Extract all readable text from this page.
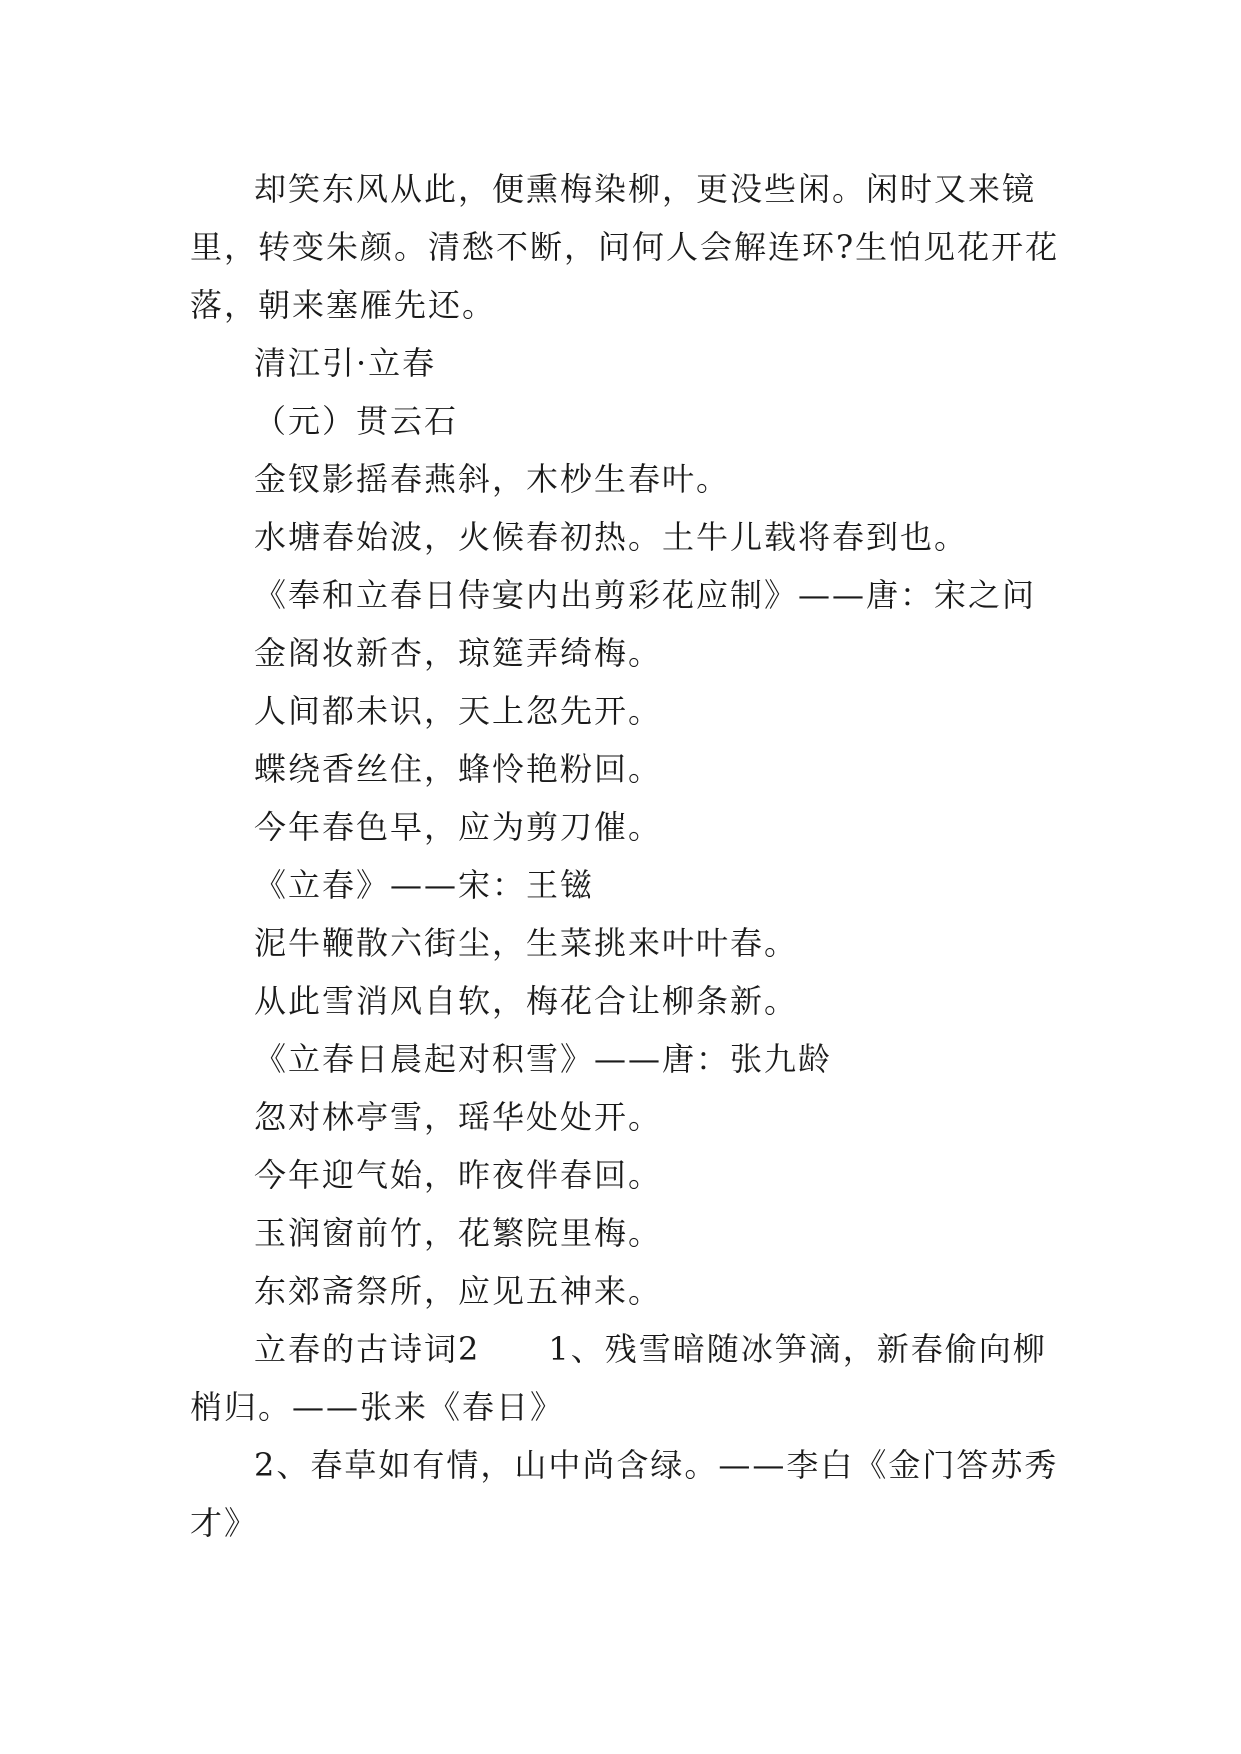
却笑东风从此，便熏梅染柳，更没些闲。闲时又来镜里，转变朱颜。清愁不断，问何人会解连环?生怕见花开花落，朝来塞雁先还。

清江引·立春

（元）贯云石

金钗影摇春燕斜，木杪生春叶。

水塘春始波，火候春初热。土牛儿载将春到也。

《奉和立春日侍宴内出剪彩花应制》——唐：宋之问

金阁妆新杏，琼筵弄绮梅。

人间都未识，天上忽先开。

蝶绕香丝住，蜂怜艳粉回。

今年春色早，应为剪刀催。

《立春》——宋：王镃

泥牛鞭散六街尘，生菜挑来叶叶春。

从此雪消风自软，梅花合让柳条新。

《立春日晨起对积雪》——唐：张九龄

忽对林亭雪，瑶华处处开。

今年迎气始，昨夜伴春回。

玉润窗前竹，花繁院里梅。

东郊斋祭所，应见五神来。

立春的古诗词2　　1、残雪暗随冰笋滴，新春偷向柳梢归。——张来《春日》

2、春草如有情，山中尚含绿。——李白《金门答苏秀才》
